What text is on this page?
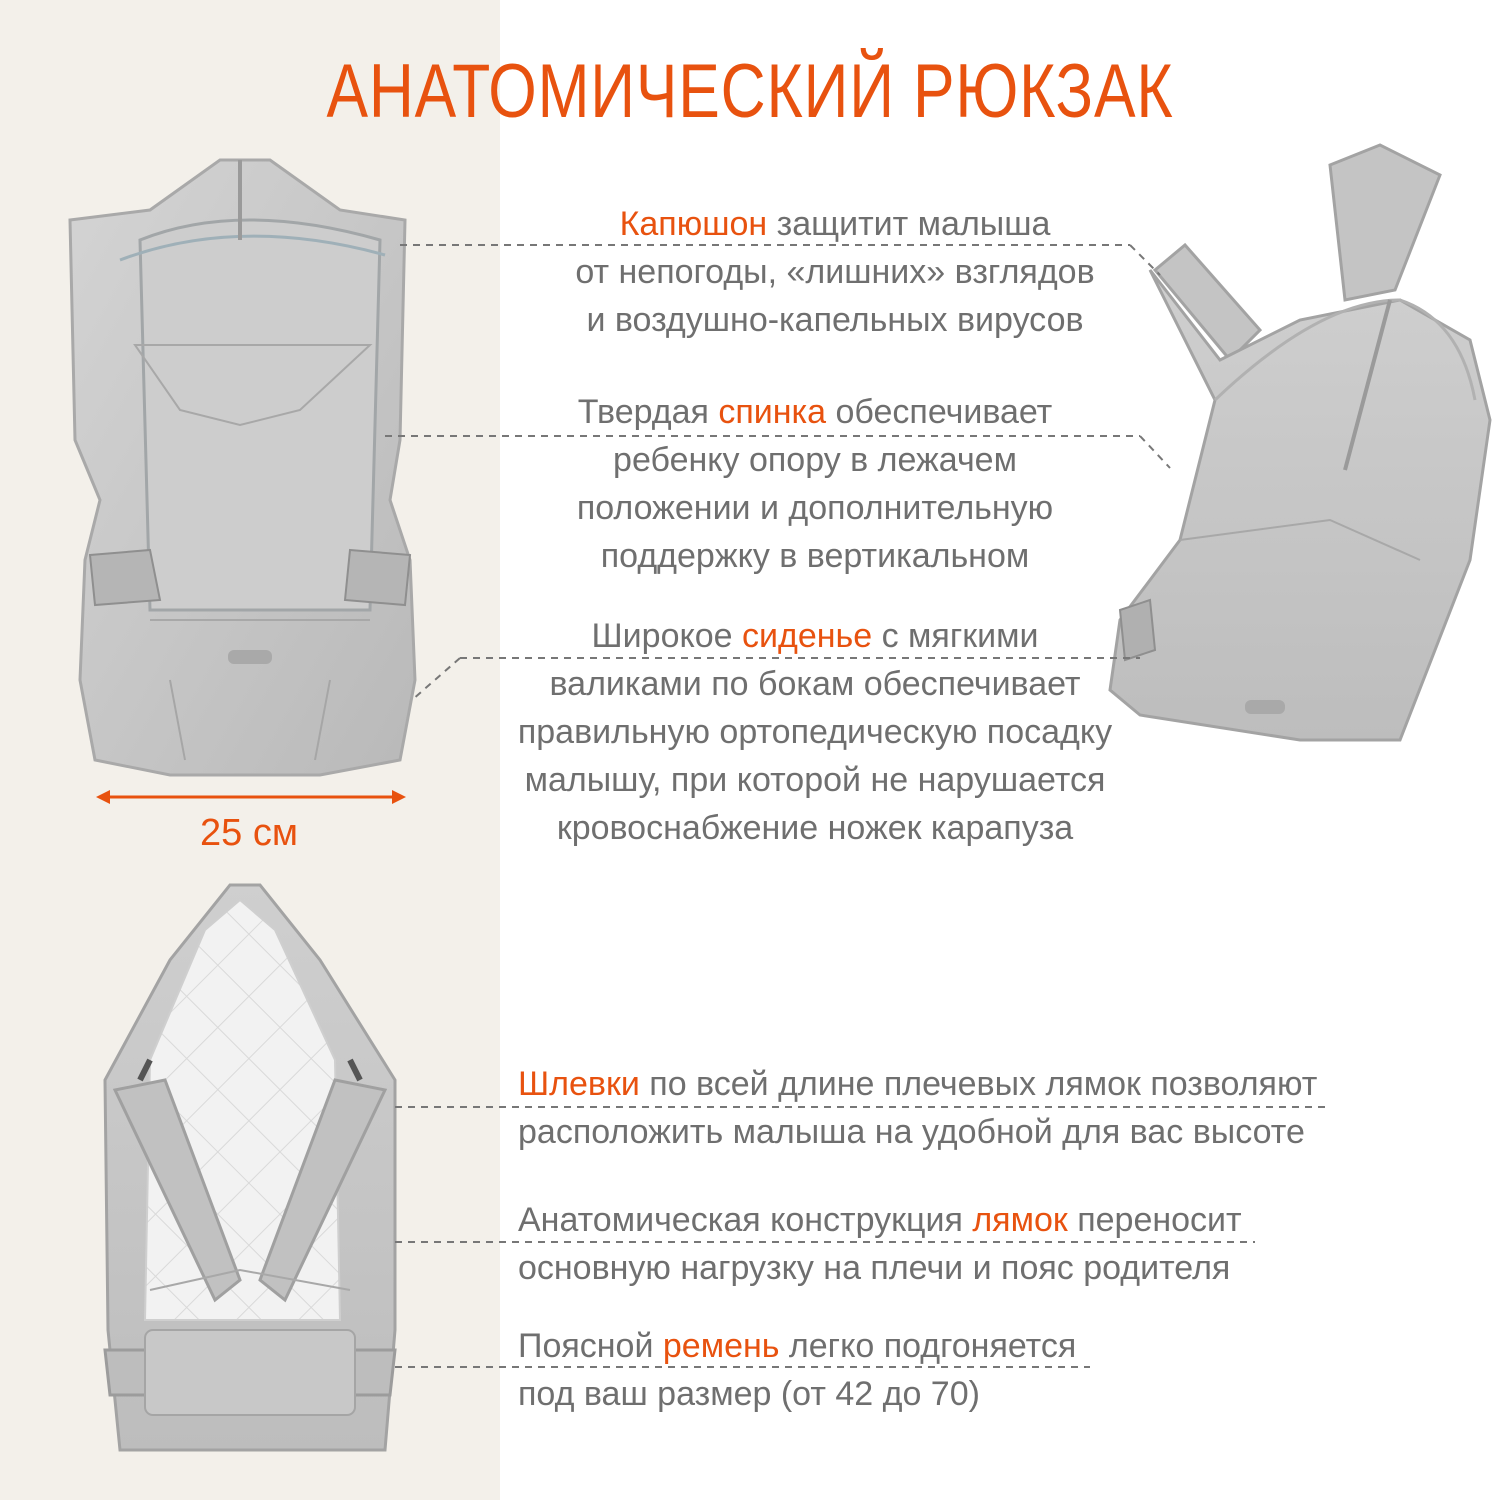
АНАТОМИЧЕСКИЙ РЮКЗАК
25 см
Капюшон защитит малыша
от непогоды, «лишних» взглядов
и воздушно-капельных вирусов
Твердая спинка обеспечивает
ребенку опору в лежачем
положении и дополнительную
поддержку в вертикальном
Широкое сиденье с мягкими
валиками по бокам обеспечивает
правильную ортопедическую посадку
малышу, при которой не нарушается
кровоснабжение ножек карапуза
Шлевки по всей длине плечевых лямок позволяют
расположить малыша на удобной для вас высоте
Анатомическая конструкция лямок переносит
основную нагрузку на плечи и пояс родителя
Поясной ремень легко подгоняется
под ваш размер (от 42 до 70)
